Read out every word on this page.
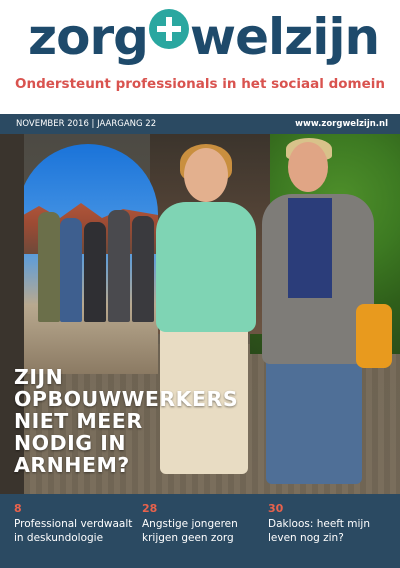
zorg welzijn
Ondersteunt professionals in het sociaal domein
NOVEMBER 2016 | JAARGANG 22	www.zorgwelzijn.nl
ZIJN
OPBOUWWERKERS
NIET MEER
NODIG IN
ARNHEM?
8
Professional verdwaalt in deskundologie
28
Angstige jongeren krijgen geen zorg
30
Dakloos: heeft mijn leven nog zin?
